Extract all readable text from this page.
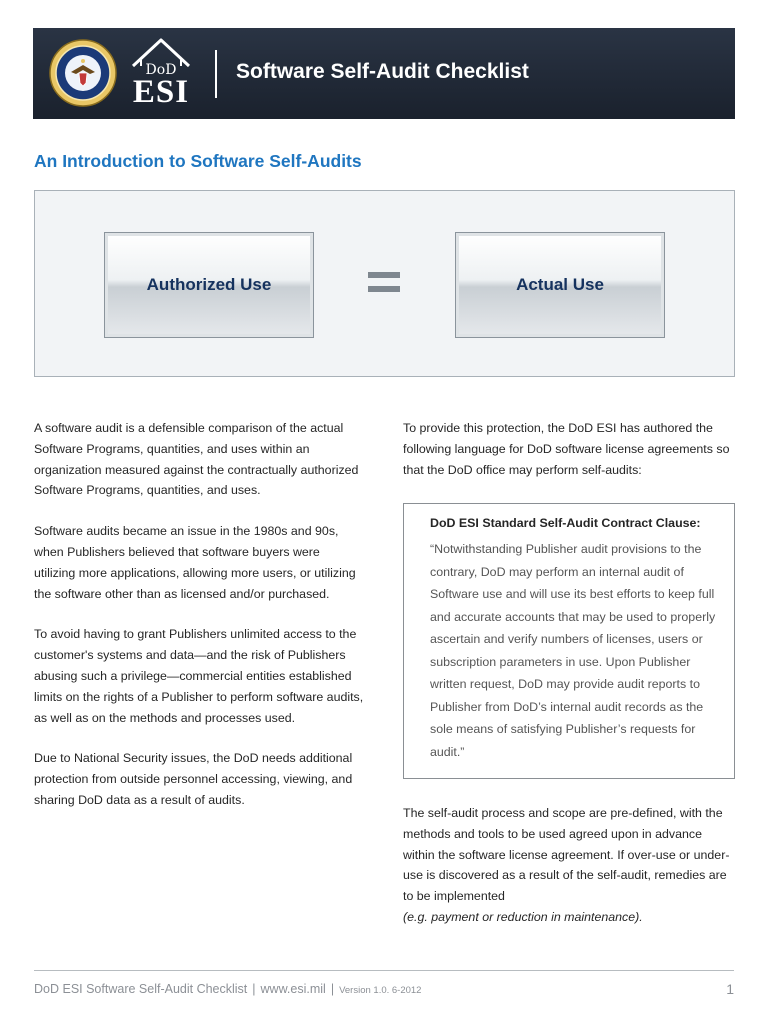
DoD
ESI
Software Self-Audit Checklist
An Introduction to Software Self-Audits
Authorized Use	Actual Use

A software audit is a defensible comparison of the actual Software Programs, quantities, and uses within an organization measured against the contractually authorized Software Programs, quantities, and uses.

Software audits became an issue in the 1980s and 90s, when Publishers believed that software buyers were utilizing more applications, allowing more users, or utilizing the software other than as licensed and/or purchased.

To avoid having to grant Publishers unlimited access to the customer's systems and data—and the risk of Publishers abusing such a privilege—commercial entities established limits on the rights of a Publisher to perform software audits, as well as on the methods and processes used.

Due to National Security issues, the DoD needs additional protection from outside personnel accessing, viewing, and sharing DoD data as a result of audits.

To provide this protection, the DoD ESI has authored the following language for DoD software license agreements so that the DoD office may perform self-audits:

DoD ESI Standard Self-Audit Contract Clause:
“Notwithstanding Publisher audit provisions to the contrary, DoD may perform an internal audit of Software use and will use its best efforts to keep full and accurate accounts that may be used to properly ascertain and verify numbers of licenses, users or subscription parameters in use. Upon Publisher written request, DoD may provide audit reports to Publisher from DoD’s internal audit records as the sole means of satisfying Publisher’s requests for audit.”
The self-audit process and scope are pre-defined, with the methods and tools to be used agreed upon in advance within the software license agreement. If over-use or under-use is discovered as a result of the self-audit, remedies are to be implemented
(e.g. payment or reduction in maintenance).
DoD ESI Software Self-Audit Checklist | www.esi.mil | Version 1.0. 6-2012	1
